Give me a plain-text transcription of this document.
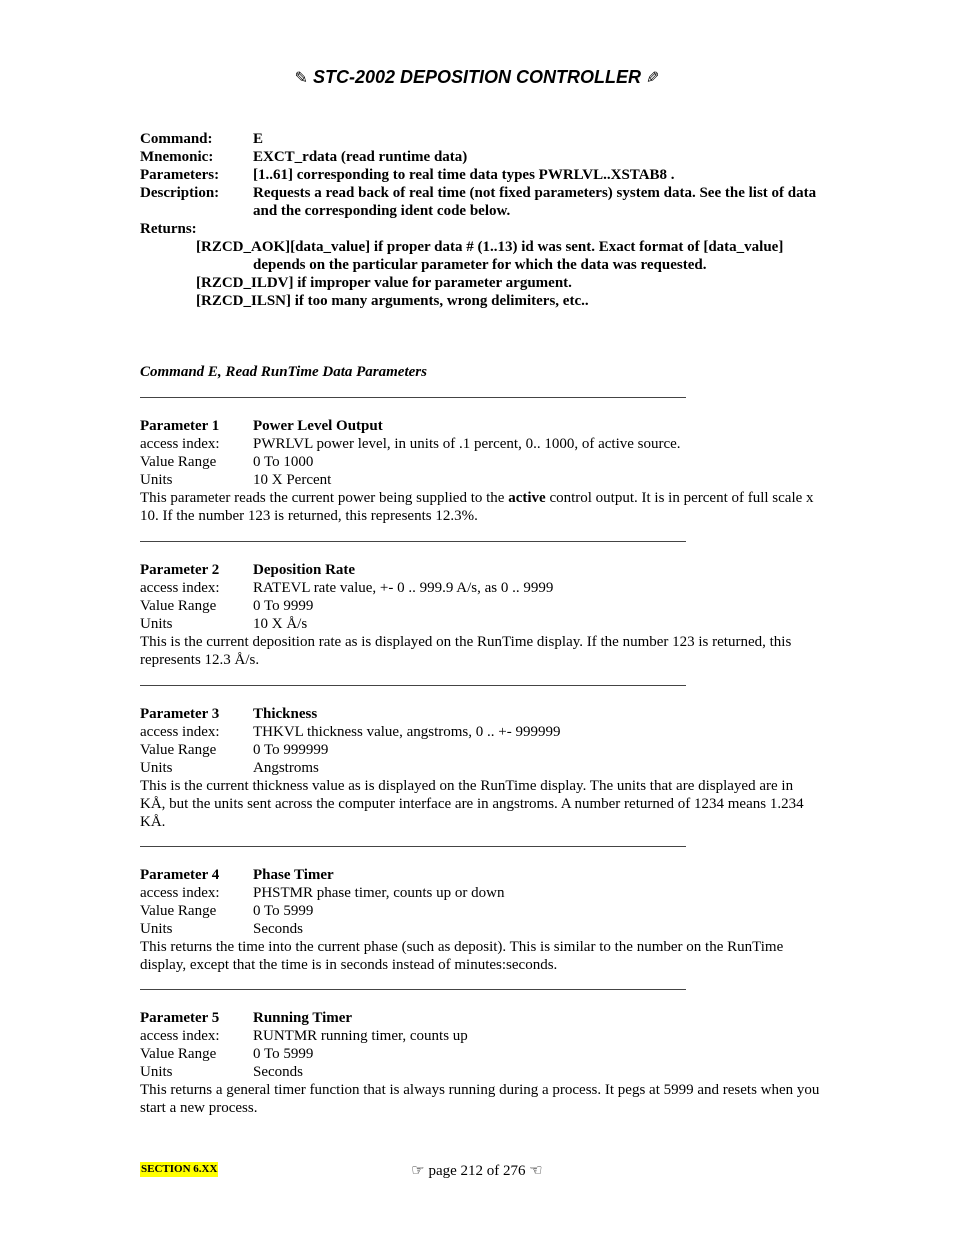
✎ STC-2002 DEPOSITION CONTROLLER ✎
Command:	E
Mnemonic:	EXCT_rdata (read runtime data)
Parameters:	[1..61] corresponding to real time data types PWRLVL..XSTAB8 .
Description:	Requests a read back of real time (not fixed parameters) system data. See the list of data and the corresponding ident code below.
Returns:
[RZCD_AOK][data_value] if proper data # (1..13) id was sent. Exact format of [data_value]
depends on the particular parameter for which the data was requested.
[RZCD_ILDV] if improper value for parameter argument.
[RZCD_ILSN] if too many arguments, wrong delimiters, etc..
Command E, Read RunTime Data Parameters
Parameter 1	Power Level Output
access index:	PWRLVL power level, in units of .1 percent, 0.. 1000, of active source.
Value Range	0 To 1000
Units	10 X Percent
This parameter reads the current power being supplied to the active control output. It is in percent of full scale x 10. If the number 123 is returned, this represents 12.3%.
Parameter 2	Deposition Rate
access index:	RATEVL rate value, +- 0 .. 999.9 A/s, as 0 .. 9999
Value Range	0 To 9999
Units	10 X Å/s
This is the current deposition rate as is displayed on the RunTime display. If the number 123 is returned, this represents 12.3 Å/s.
Parameter 3	Thickness
access index:	THKVL thickness value, angstroms, 0 .. +- 999999
Value Range	0 To 999999
Units	Angstroms
This is the current thickness value as is displayed on the RunTime display. The units that are displayed are in KÅ, but the units sent across the computer interface are in angstroms. A number returned of 1234 means 1.234 KÅ.
Parameter 4	Phase Timer
access index:	PHSTMR phase timer, counts up or down
Value Range	0 To 5999
Units	Seconds
This returns the time into the current phase (such as deposit). This is similar to the number on the RunTime display, except that the time is in seconds instead of minutes:seconds.
Parameter 5	Running Timer
access index:	RUNTMR running timer, counts up
Value Range	0 To 5999
Units	Seconds
This returns a general timer function that is always running during a process. It pegs at 5999 and resets when you start a new process.
SECTION 6.XX	☞ page 212 of 276 ☜
